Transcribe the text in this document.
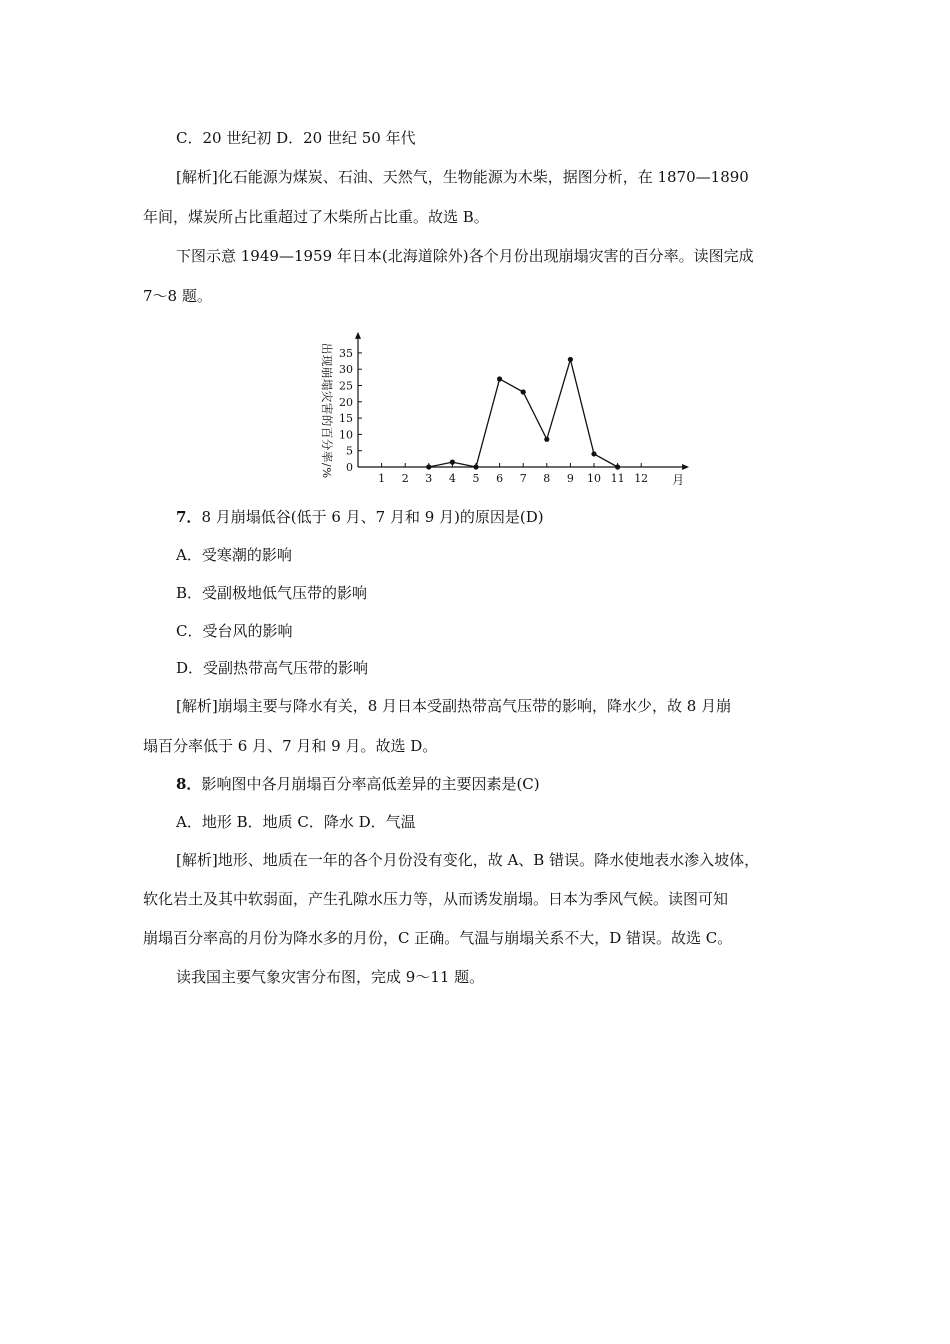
C．20 世纪初 D．20 世纪 50 年代
[解析]化石能源为煤炭、石油、天然气，生物能源为木柴，据图分析，在 1870—1890
年间，煤炭所占比重超过了木柴所占比重。故选 B。
下图示意 1949—1959 年日本(北海道除外)各个月份出现崩塌灾害的百分率。读图完成
7～8 题。
0
5
10
15
20
25
30
35
1 2 3 4 5 6 7 8 9 10 11 12 月
出现崩塌灾害的百分率/%
7．8 月崩塌低谷(低于 6 月、7 月和 9 月)的原因是(D)
A．受寒潮的影响
B．受副极地低气压带的影响
C．受台风的影响
D．受副热带高气压带的影响
[解析]崩塌主要与降水有关，8 月日本受副热带高气压带的影响，降水少，故 8 月崩
塌百分率低于 6 月、7 月和 9 月。故选 D。
8．影响图中各月崩塌百分率高低差异的主要因素是(C)
A．地形 B．地质 C．降水 D．气温
[解析]地形、地质在一年的各个月份没有变化，故 A、B 错误。降水使地表水渗入坡体，
软化岩土及其中软弱面，产生孔隙水压力等，从而诱发崩塌。日本为季风气候。读图可知
崩塌百分率高的月份为降水多的月份，C 正确。气温与崩塌关系不大，D 错误。故选 C。
读我国主要气象灾害分布图，完成 9～11 题。
